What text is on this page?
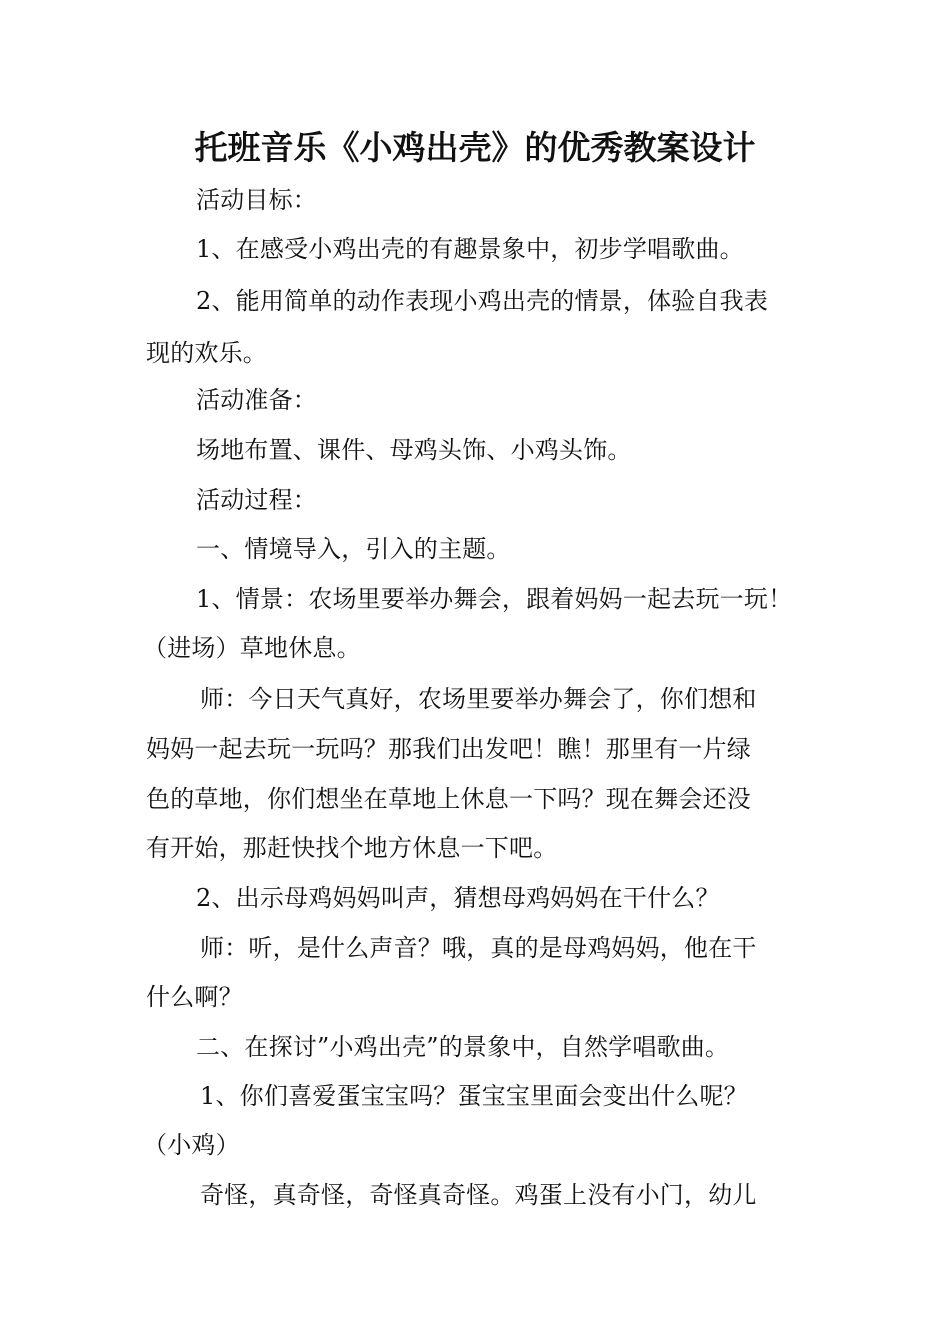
托班音乐《小鸡出壳》的优秀教案设计

活动目标：

1、在感受小鸡出壳的有趣景象中，初步学唱歌曲。

2、能用简单的动作表现小鸡出壳的情景，体验自我表

现的欢乐。

活动准备：

场地布置、课件、母鸡头饰、小鸡头饰。

活动过程：

一、情境导入，引入的主题。

1、情景：农场里要举办舞会，跟着妈妈一起去玩一玩！

（进场）草地休息。

师：今日天气真好，农场里要举办舞会了，你们想和

妈妈一起去玩一玩吗？那我们出发吧！瞧！那里有一片绿

色的草地，你们想坐在草地上休息一下吗？现在舞会还没

有开始，那赶快找个地方休息一下吧。

2、出示母鸡妈妈叫声，猜想母鸡妈妈在干什么？

师：听，是什么声音？哦，真的是母鸡妈妈，他在干

什么啊？

二、在探讨”小鸡出壳”的景象中，自然学唱歌曲。

1、你们喜爱蛋宝宝吗？蛋宝宝里面会变出什么呢？

（小鸡）

奇怪，真奇怪，奇怪真奇怪。鸡蛋上没有小门，幼儿
